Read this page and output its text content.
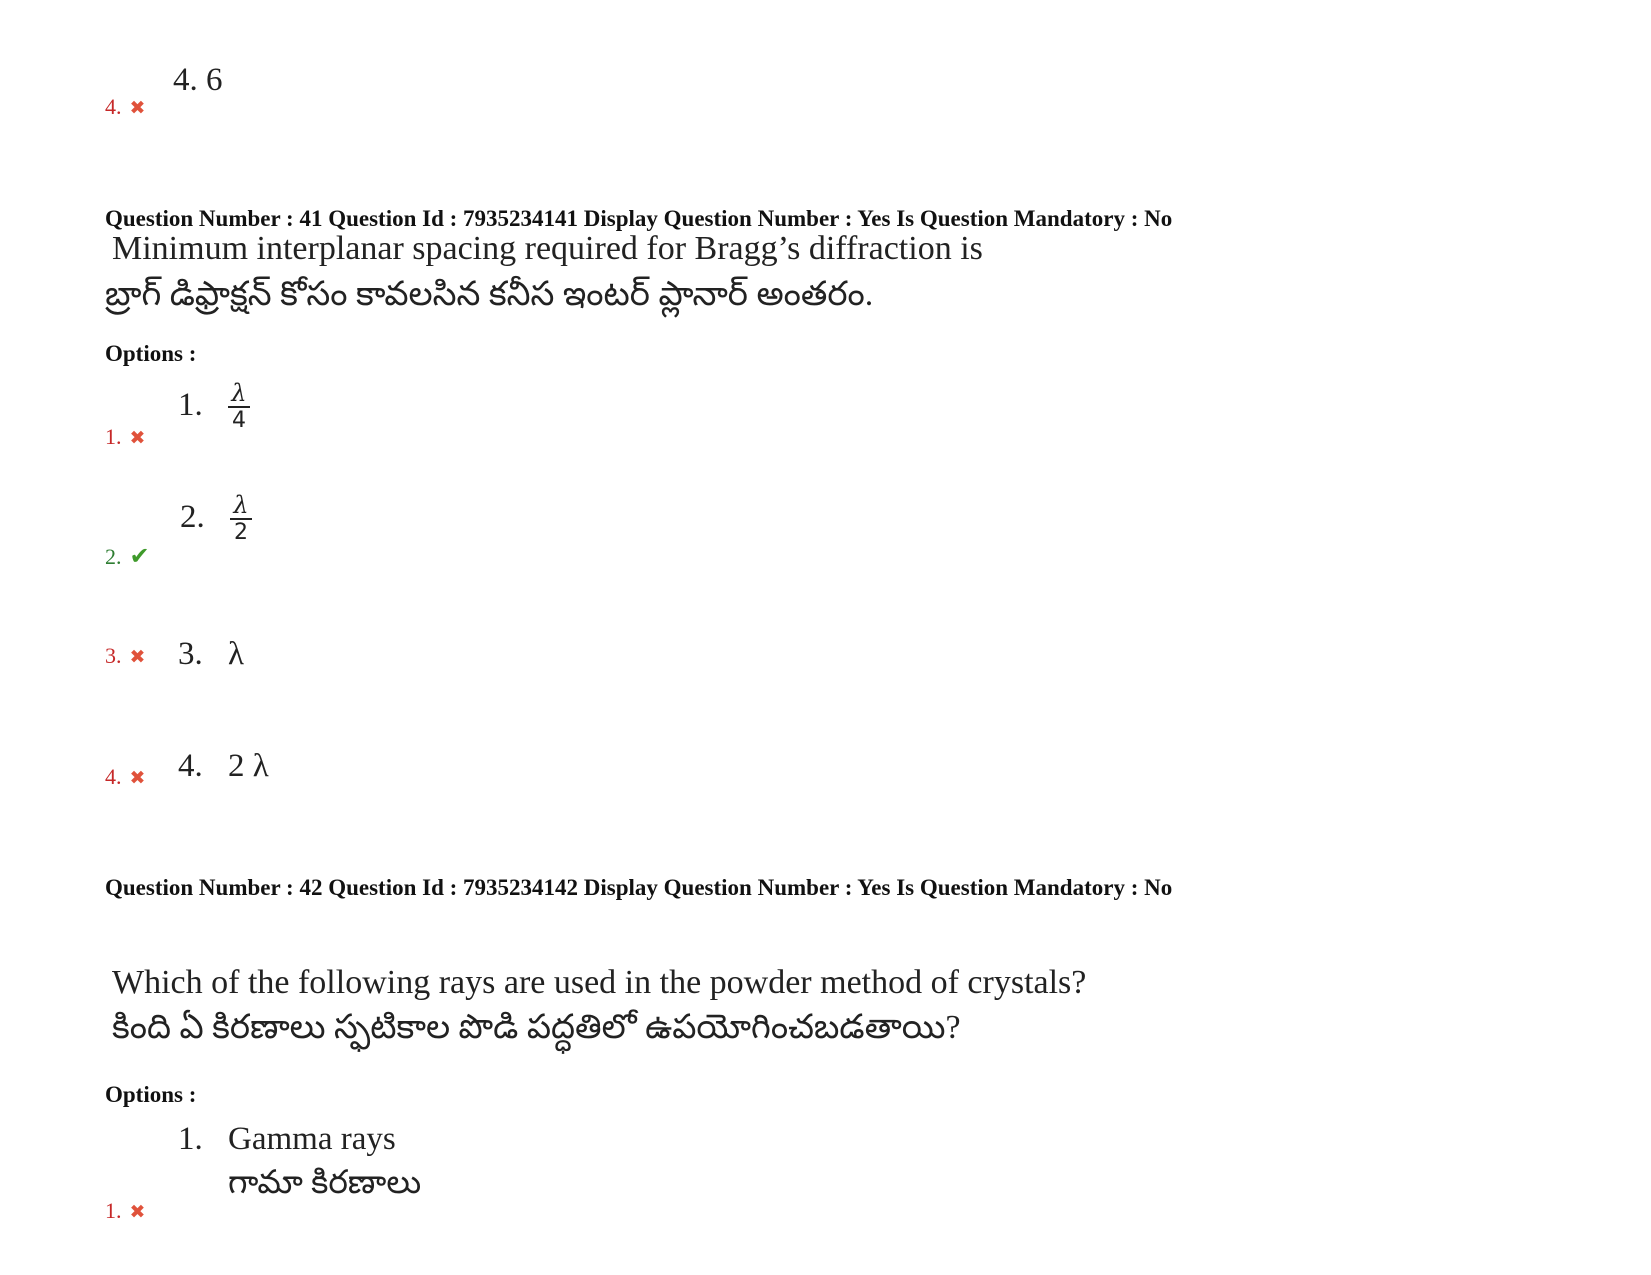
4. 6
4. ✖
Question Number : 41 Question Id : 7935234141 Display Question Number : Yes Is Question Mandatory : No
Minimum interplanar spacing required for Bragg’s diffraction is
బ్రాగ్ డిఫ్రాక్షన్ కోసం కావలసిన కనీస ఇంటర్ ప్లానార్ అంతరం.
Options :
1. $\frac{\lambda}{4}$
1. ✖
2. $\frac{\lambda}{2}$
2. ✔
3. λ
3. ✖
4. 2 λ
4. ✖
Question Number : 42 Question Id : 7935234142 Display Question Number : Yes Is Question Mandatory : No
Which of the following rays are used in the powder method of crystals?
కింది ఏ కిరణాలు స్ఫటికాల పొడి పద్ధతిలో ఉపయోగించబడతాయి?
Options :
1. Gamma rays
గామా కిరణాలు
1. ✖
